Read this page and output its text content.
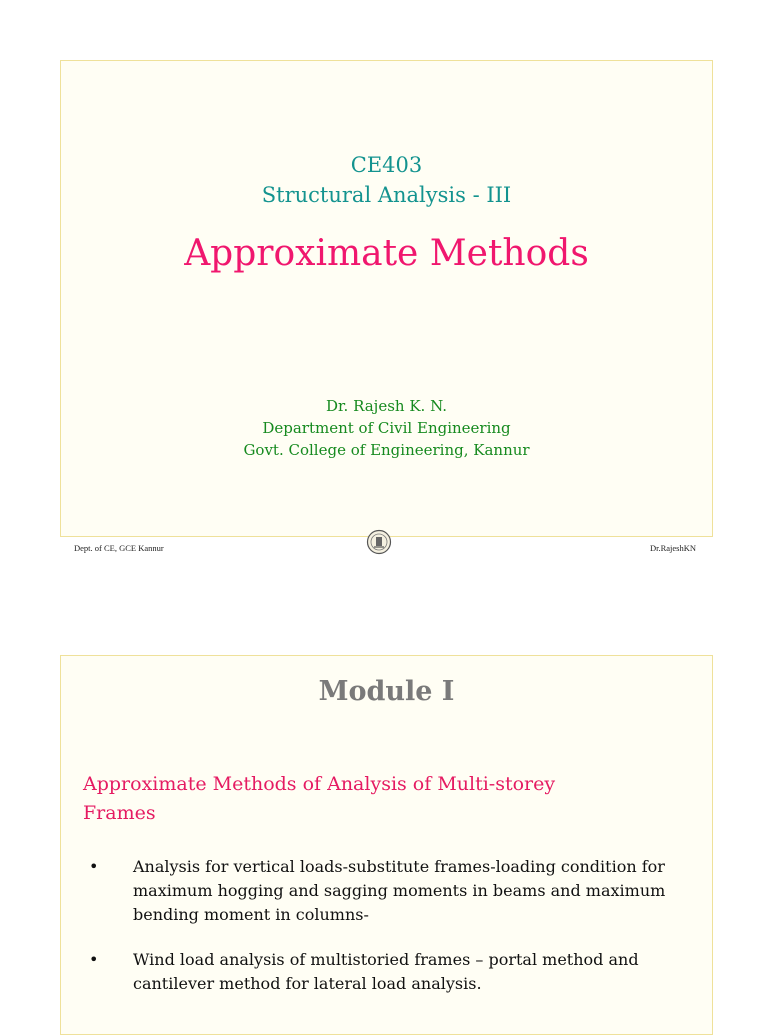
CE403
Structural Analysis - III
Approximate Methods
Dr. Rajesh K. N.
Department of Civil Engineering
Govt. College of Engineering, Kannur
Dept. of CE, GCE Kannur	Dr.RajeshKN
Module I
Approximate Methods of Analysis of Multi-storey Frames
• Analysis for vertical loads-substitute frames-loading condition for maximum hogging and sagging moments in beams and maximum bending moment in columns-
• Wind load analysis of multistoried frames – portal method and cantilever method for lateral load analysis.
